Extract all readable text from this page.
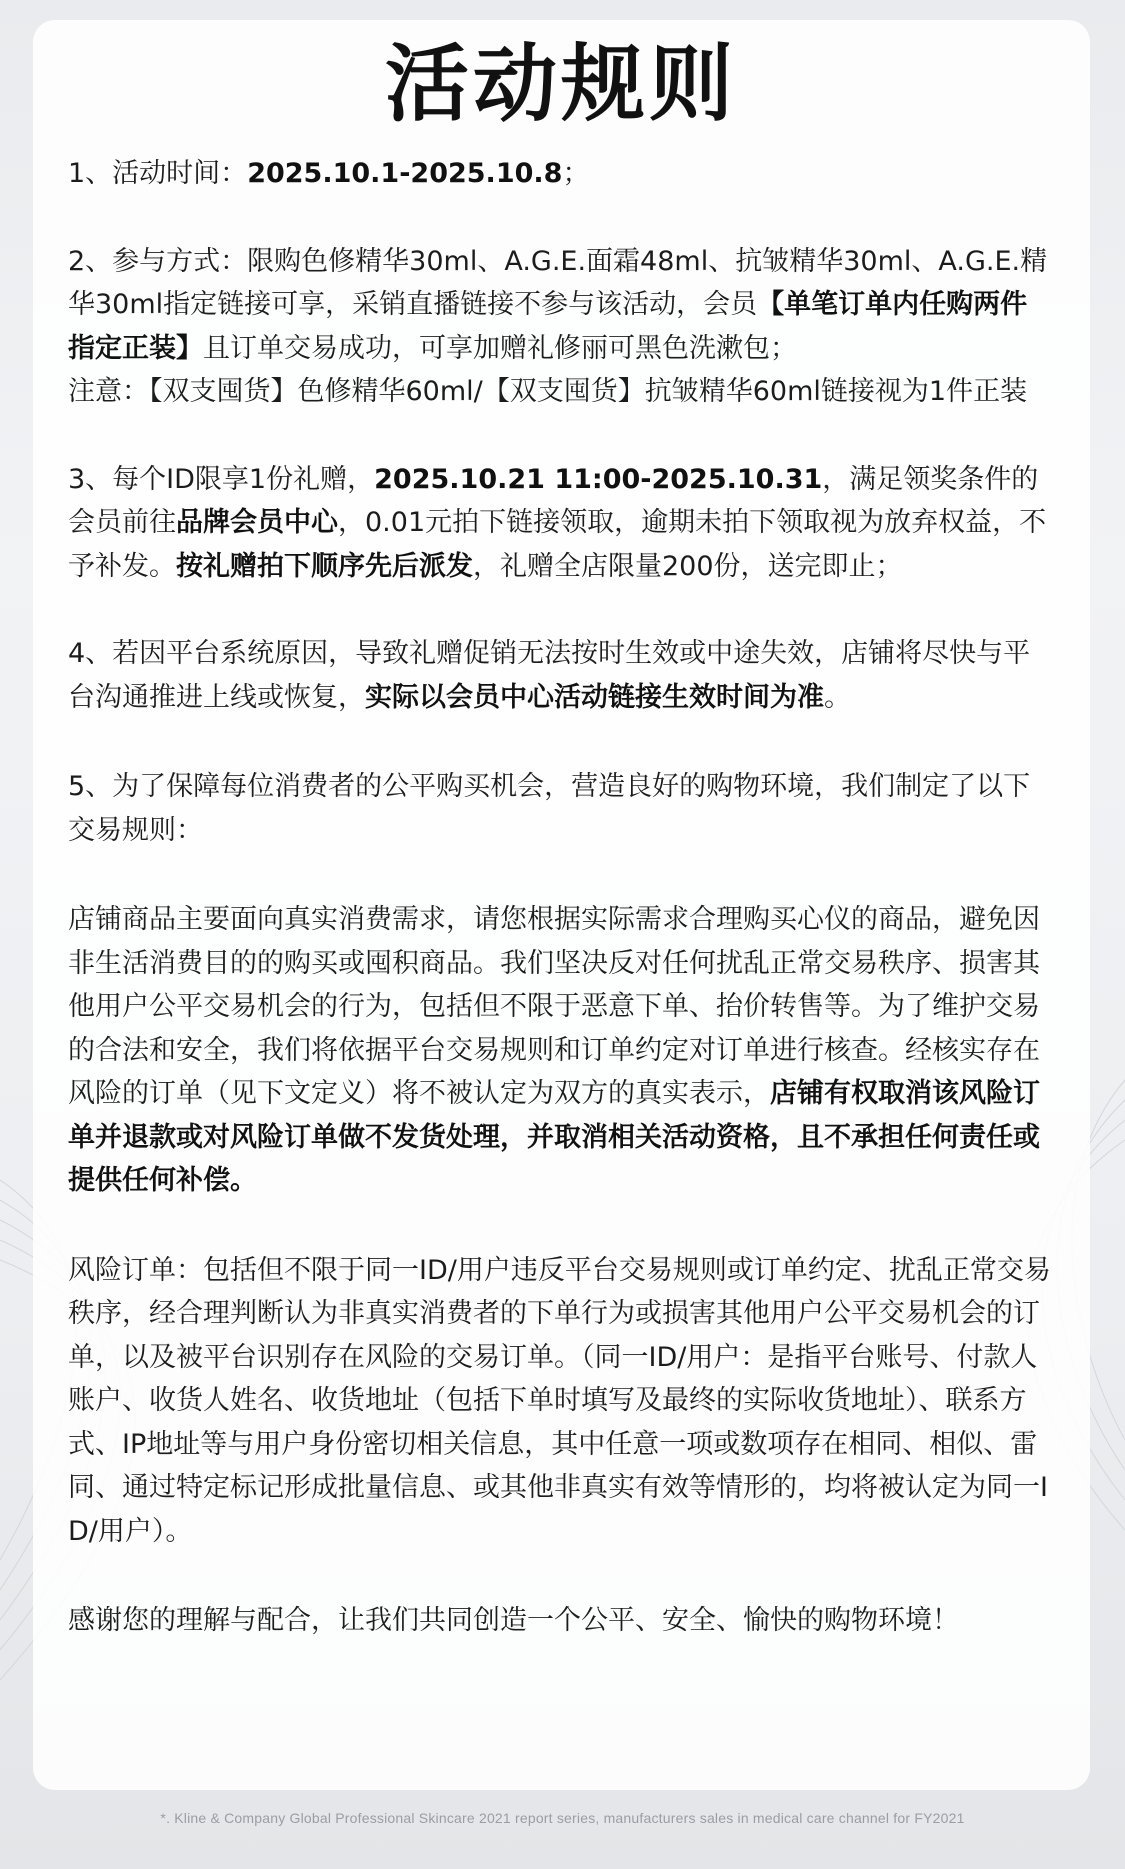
活动规则

1、活动时间：2025.10.1-2025.10.8；

2、参与方式：限购色修精华30ml、A.G.E.面霜48ml、抗皱精华30ml、A.G.E.精华30ml指定链接可享，采销直播链接不参与该活动，会员【单笔订单内任购两件指定正装】且订单交易成功，可享加赠礼修丽可黑色洗漱包；

注意：【双支囤货】色修精华60ml/【双支囤货】抗皱精华60ml链接视为1件正装

3、每个ID限享1份礼赠，2025.10.21 11:00-2025.10.31，满足领奖条件的会员前往品牌会员中心，0.01元拍下链接领取，逾期未拍下领取视为放弃权益，不予补发。按礼赠拍下顺序先后派发，礼赠全店限量200份，送完即止；

4、若因平台系统原因，导致礼赠促销无法按时生效或中途失效，店铺将尽快与平台沟通推进上线或恢复，实际以会员中心活动链接生效时间为准。

5、为了保障每位消费者的公平购买机会，营造良好的购物环境，我们制定了以下交易规则：

店铺商品主要面向真实消费需求，请您根据实际需求合理购买心仪的商品，避免因非生活消费目的的购买或囤积商品。我们坚决反对任何扰乱正常交易秩序、损害其他用户公平交易机会的行为，包括但不限于恶意下单、抬价转售等。为了维护交易的合法和安全，我们将依据平台交易规则和订单约定对订单进行核查。经核实存在风险的订单（见下文定义）将不被认定为双方的真实表示，店铺有权取消该风险订单并退款或对风险订单做不发货处理，并取消相关活动资格，且不承担任何责任或提供任何补偿。

风险订单：包括但不限于同一ID/用户违反平台交易规则或订单约定、扰乱正常交易秩序，经合理判断认为非真实消费者的下单行为或损害其他用户公平交易机会的订单，以及被平台识别存在风险的交易订单。（同一ID/用户：是指平台账号、付款人账户、收货人姓名、收货地址（包括下单时填写及最终的实际收货地址）、联系方式、IP地址等与用户身份密切相关信息，其中任意一项或数项存在相同、相似、雷同、通过特定标记形成批量信息、或其他非真实有效等情形的，均将被认定为同一ID/用户）。

感谢您的理解与配合，让我们共同创造一个公平、安全、愉快的购物环境！

*. Kline & Company Global Professional Skincare 2021 report series, manufacturers sales in medical care channel for FY2021
